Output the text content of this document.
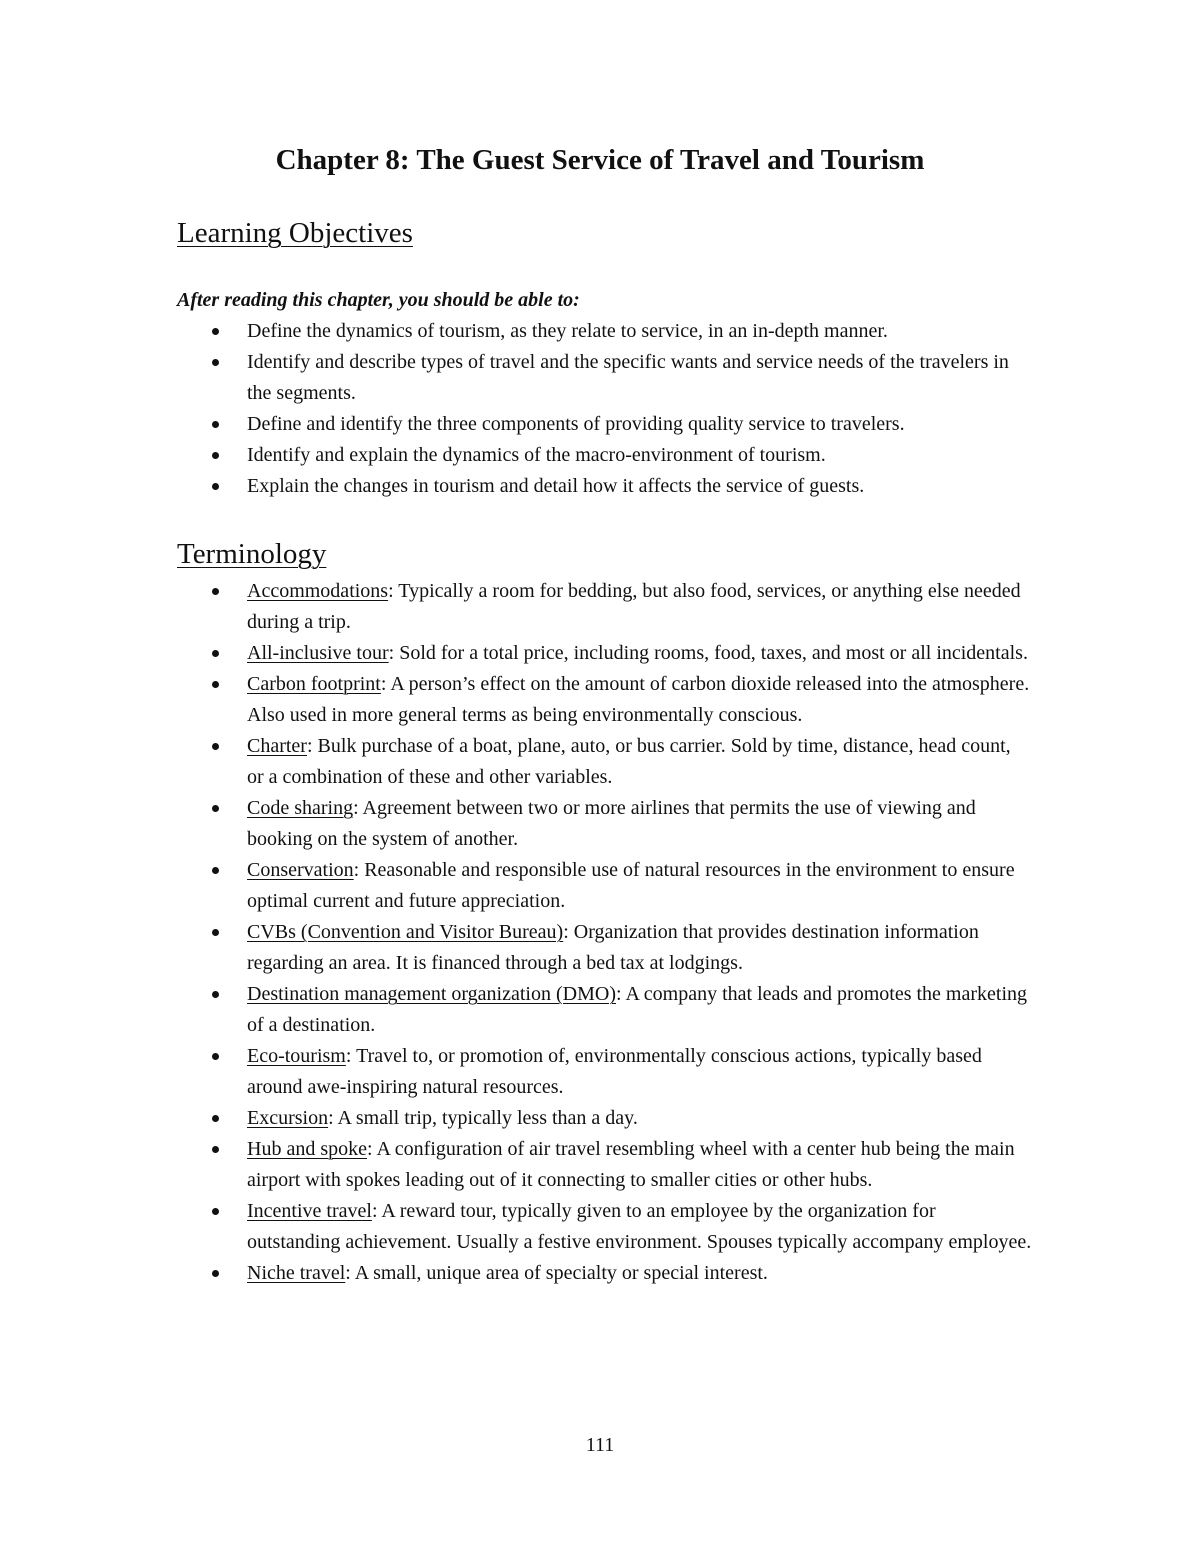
Chapter 8: The Guest Service of Travel and Tourism
Learning Objectives

After reading this chapter, you should be able to:

Define the dynamics of tourism, as they relate to service, in an in-depth manner.
Identify and describe types of travel and the specific wants and service needs of the travelers in the segments.
Define and identify the three components of providing quality service to travelers.
Identify and explain the dynamics of the macro-environment of tourism.
Explain the changes in tourism and detail how it affects the service of guests.
Terminology
Accommodations: Typically a room for bedding, but also food, services, or anything else needed during a trip.
All-inclusive tour: Sold for a total price, including rooms, food, taxes, and most or all incidentals.
Carbon footprint: A person’s effect on the amount of carbon dioxide released into the atmosphere. Also used in more general terms as being environmentally conscious.
Charter: Bulk purchase of a boat, plane, auto, or bus carrier. Sold by time, distance, head count, or a combination of these and other variables.
Code sharing: Agreement between two or more airlines that permits the use of viewing and booking on the system of another.
Conservation: Reasonable and responsible use of natural resources in the environment to ensure optimal current and future appreciation.
CVBs (Convention and Visitor Bureau): Organization that provides destination information regarding an area. It is financed through a bed tax at lodgings.
Destination management organization (DMO): A company that leads and promotes the marketing of a destination.
Eco-tourism: Travel to, or promotion of, environmentally conscious actions, typically based around awe-inspiring natural resources.
Excursion: A small trip, typically less than a day.
Hub and spoke: A configuration of air travel resembling wheel with a center hub being the main airport with spokes leading out of it connecting to smaller cities or other hubs.
Incentive travel: A reward tour, typically given to an employee by the organization for outstanding achievement. Usually a festive environment. Spouses typically accompany employee.
Niche travel: A small, unique area of specialty or special interest.

111
